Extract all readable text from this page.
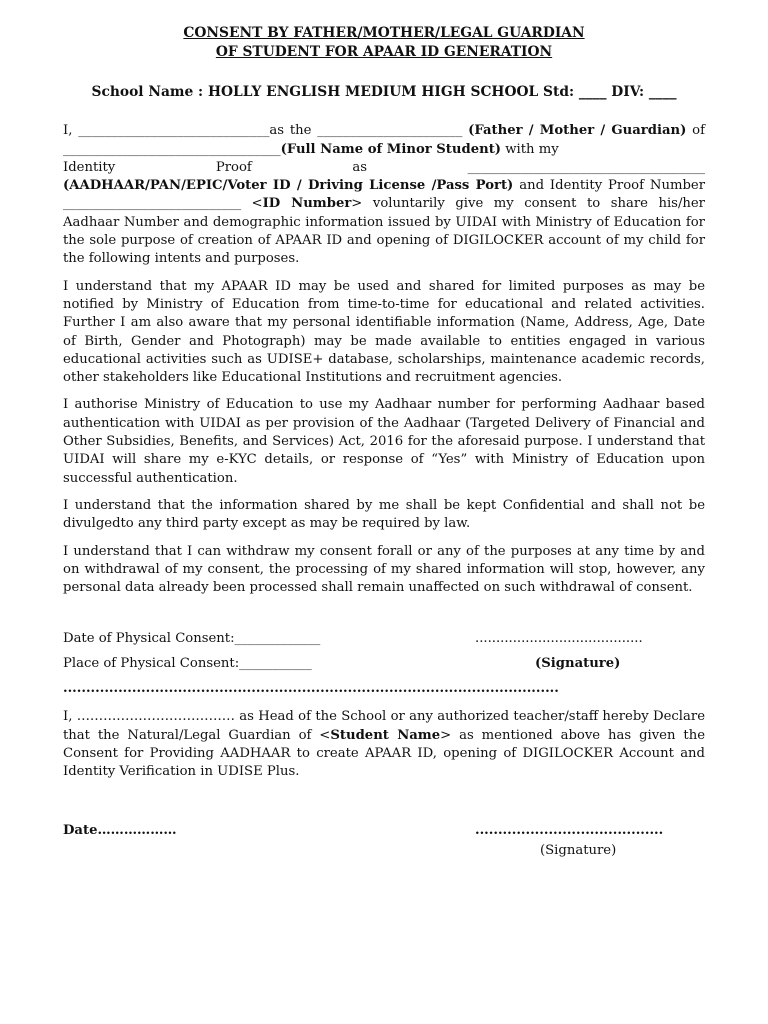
CONSENT BY FATHER/MOTHER/LEGAL GUARDIAN

OF STUDENT FOR APAAR ID GENERATION

School Name : HOLLY ENGLISH MEDIUM HIGH SCHOOL Std: ____ DIV: ____

I, _____________________________as the ______________________ (Father / Mother / Guardian) of _________________________________(Full Name of Minor Student) with my

Identity	Proof	as	____________________________________

(AADHAAR/PAN/EPIC/Voter ID / Driving License /Pass Port) and Identity Proof Number ___________________________ <ID Number> voluntarily give my consent to share his/her Aadhaar Number and demographic information issued by UIDAI with Ministry of Education for the sole purpose of creation of APAAR ID and opening of DIGILOCKER account of my child for the following intents and purposes.

I understand that my APAAR ID may be used and shared for limited purposes as may be notified by Ministry of Education from time-to-time for educational and related activities. Further I am also aware that my personal identifiable information (Name, Address, Age, Date of Birth, Gender and Photograph) may be made available to entities engaged in various educational activities such as UDISE+ database, scholarships, maintenance academic records, other stakeholders like Educational Institutions and recruitment agencies.

I authorise Ministry of Education to use my Aadhaar number for performing Aadhaar based authentication with UIDAI as per provision of the Aadhaar (Targeted Delivery of Financial and Other Subsidies, Benefits, and Services) Act, 2016 for the aforesaid purpose. I understand that UIDAI will share my e-KYC details, or response of “Yes” with Ministry of Education upon successful authentication.

I understand that the information shared by me shall be kept Confidential and shall not be divulgedto any third party except as may be required by law.

I understand that I can withdraw my consent forall or any of the purposes at any time by and on withdrawal of my consent, the processing of my shared information will stop, however, any personal data already been processed shall remain unaffected on such withdrawal of consent.

Date of Physical Consent:_____________	........................................
Place of Physical Consent:___________	(Signature)
............................................................................................................

I, ……………………………… as Head of the School or any authorized teacher/staff hereby Declare that the Natural/Legal Guardian of <Student Name> as mentioned above has given the Consent for Providing AADHAAR to create APAAR ID, opening of DIGILOCKER Account and Identity Verification in UDISE Plus.

Date………………	.........................................
(Signature)
